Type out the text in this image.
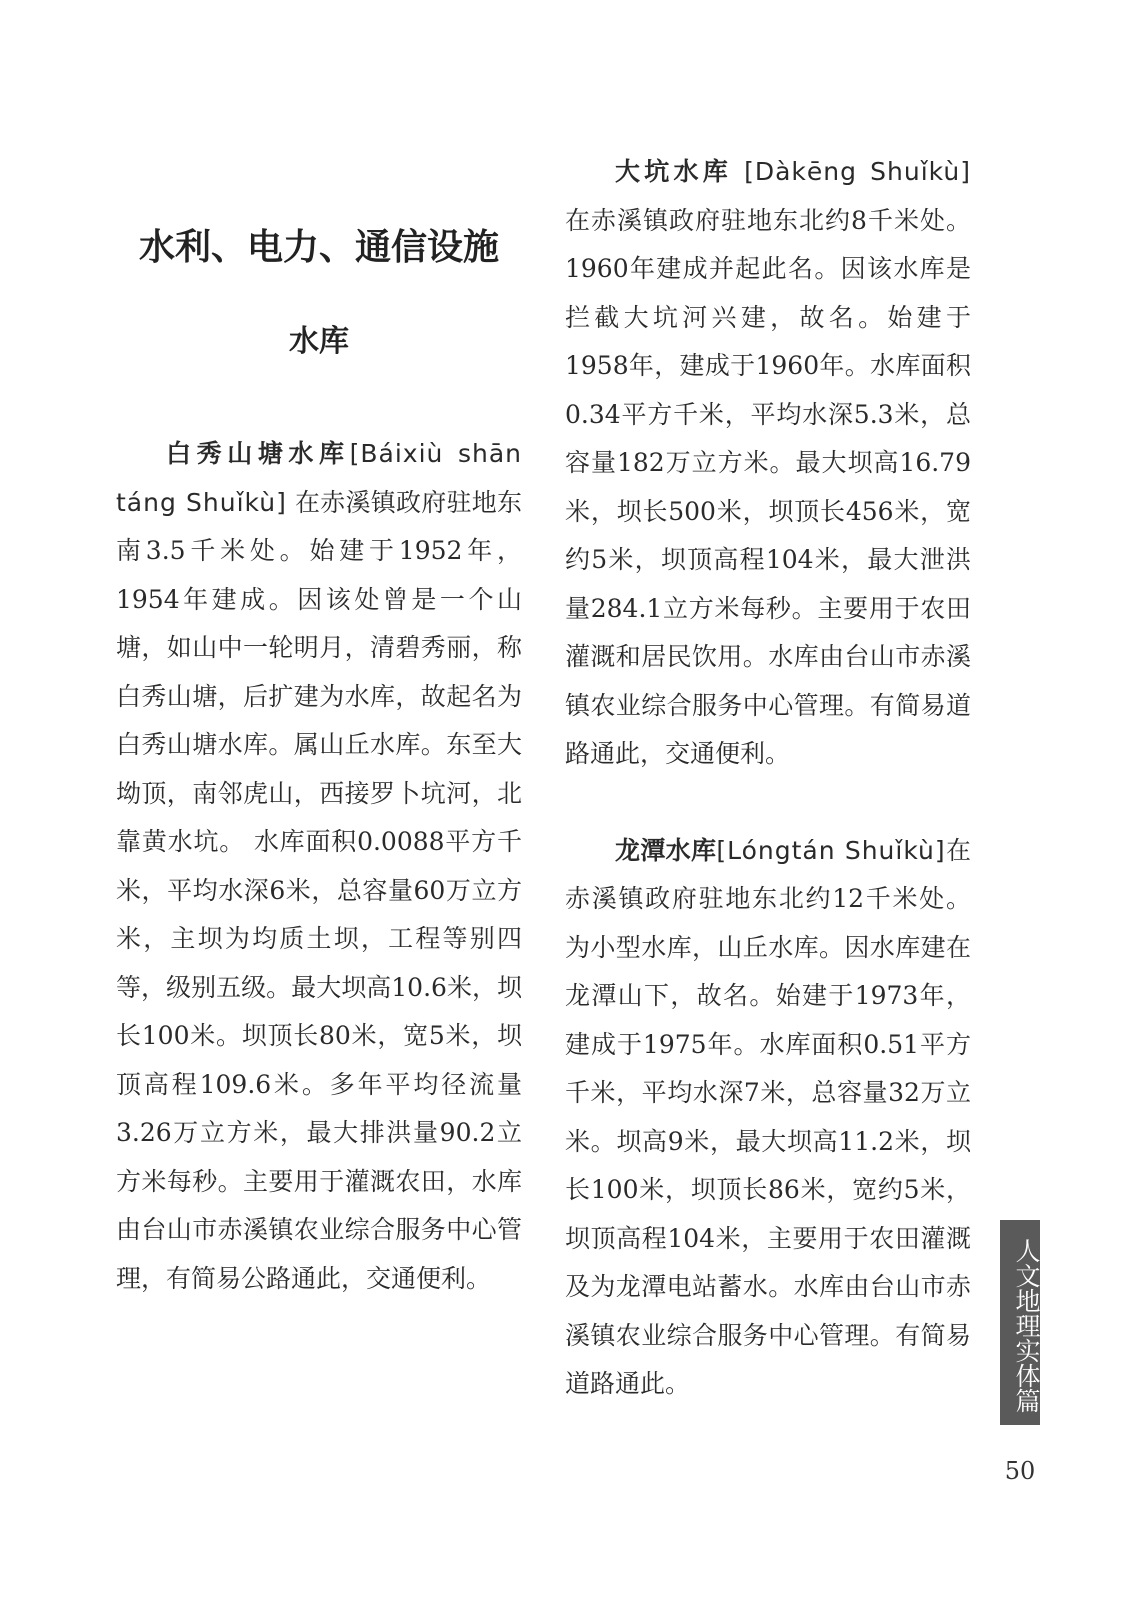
水利、电力、通信设施
水库

白秀山塘水库[Báixiù shān táng Shuǐkù] 在赤溪镇政府驻地东南3.5千米处。始建于1952年，1954年建成。因该处曾是一个山塘，如山中一轮明月，清碧秀丽，称白秀山塘，后扩建为水库，故起名为白秀山塘水库。属山丘水库。东至大坳顶，南邻虎山，西接罗卜坑河，北靠黄水坑。 水库面积0.0088平方千米，平均水深6米，总容量60万立方米，主坝为均质土坝，工程等别四等，级别五级。最大坝高10.6米，坝长100米。坝顶长80米，宽5米，坝顶高程109.6米。多年平均径流量3.26万立方米，最大排洪量90.2立方米每秒。主要用于灌溉农田，水库由台山市赤溪镇农业综合服务中心管理，有简易公路通此，交通便利。

大坑水库 [Dàkēng Shuǐkù] 在赤溪镇政府驻地东北约8千米处。1960年建成并起此名。因该水库是拦截大坑河兴建，故名。始建于1958年，建成于1960年。水库面积0.34平方千米，平均水深5.3米，总容量182万立方米。最大坝高16.79米，坝长500米，坝顶长456米，宽约5米，坝顶高程104米，最大泄洪量284.1立方米每秒。主要用于农田灌溉和居民饮用。水库由台山市赤溪镇农业综合服务中心管理。有简易道路通此，交通便利。

龙潭水库[Lóngtán Shuǐkù]在赤溪镇政府驻地东北约12千米处。为小型水库，山丘水库。因水库建在龙潭山下，故名。始建于1973年，建成于1975年。水库面积0.51平方千米，平均水深7米，总容量32万立米。坝高9米，最大坝高11.2米，坝长100米，坝顶长86米，宽约5米，坝顶高程104米，主要用于农田灌溉及为龙潭电站蓄水。水库由台山市赤溪镇农业综合服务中心管理。有简易道路通此。	人文地理实体篇
50
